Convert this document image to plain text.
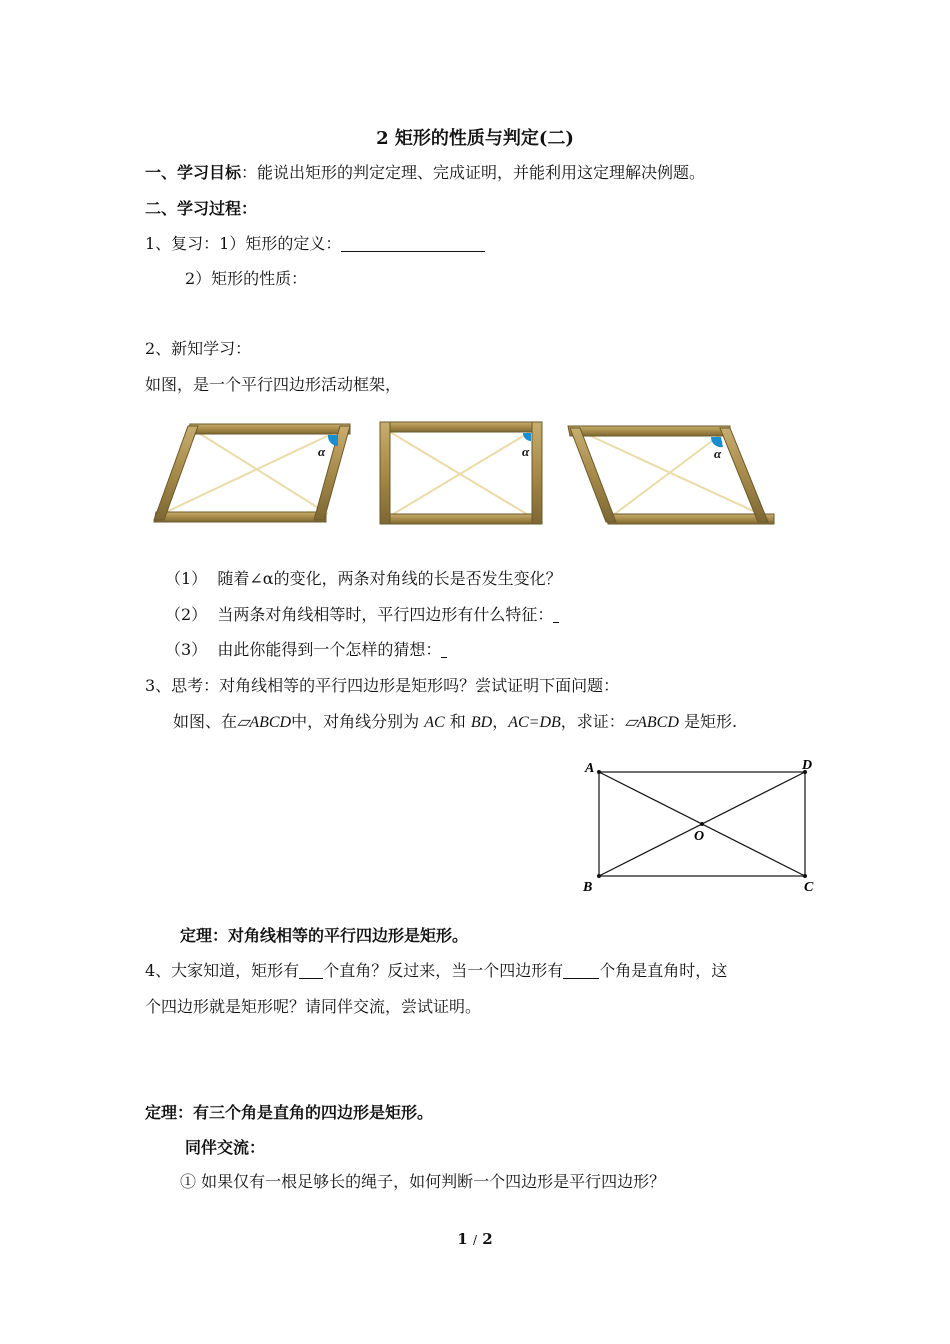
2 矩形的性质与判定(二)
一、学习目标：能说出矩形的判定定理、完成证明，并能利用这定理解决例题。
二、学习过程：
1、复习：1）矩形的定义：
2）矩形的性质：
2、新知学习：
如图，是一个平行四边形活动框架，
α	α	α
（1） 随着∠α的变化，两条对角线的长是否发生变化？
（2） 当两条对角线相等时，平行四边形有什么特征：
（3） 由此你能得到一个怎样的猜想：
3、思考：对角线相等的平行四边形是矩形吗？尝试证明下面问题：
如图、在▱ABCD中，对角线分别为 AC 和 BD，AC=DB，求证：▱ABCD 是矩形.
A	D
B	C
O
定理：对角线相等的平行四边形是矩形。
4、大家知道，矩形有 个直角？反过来，当一个四边形有 个角是直角时，这
个四边形就是矩形呢？请同伴交流，尝试证明。
定理：有三个角是直角的四边形是矩形。
同伴交流：
① 如果仅有一根足够长的绳子，如何判断一个四边形是平行四边形？
1 / 2
